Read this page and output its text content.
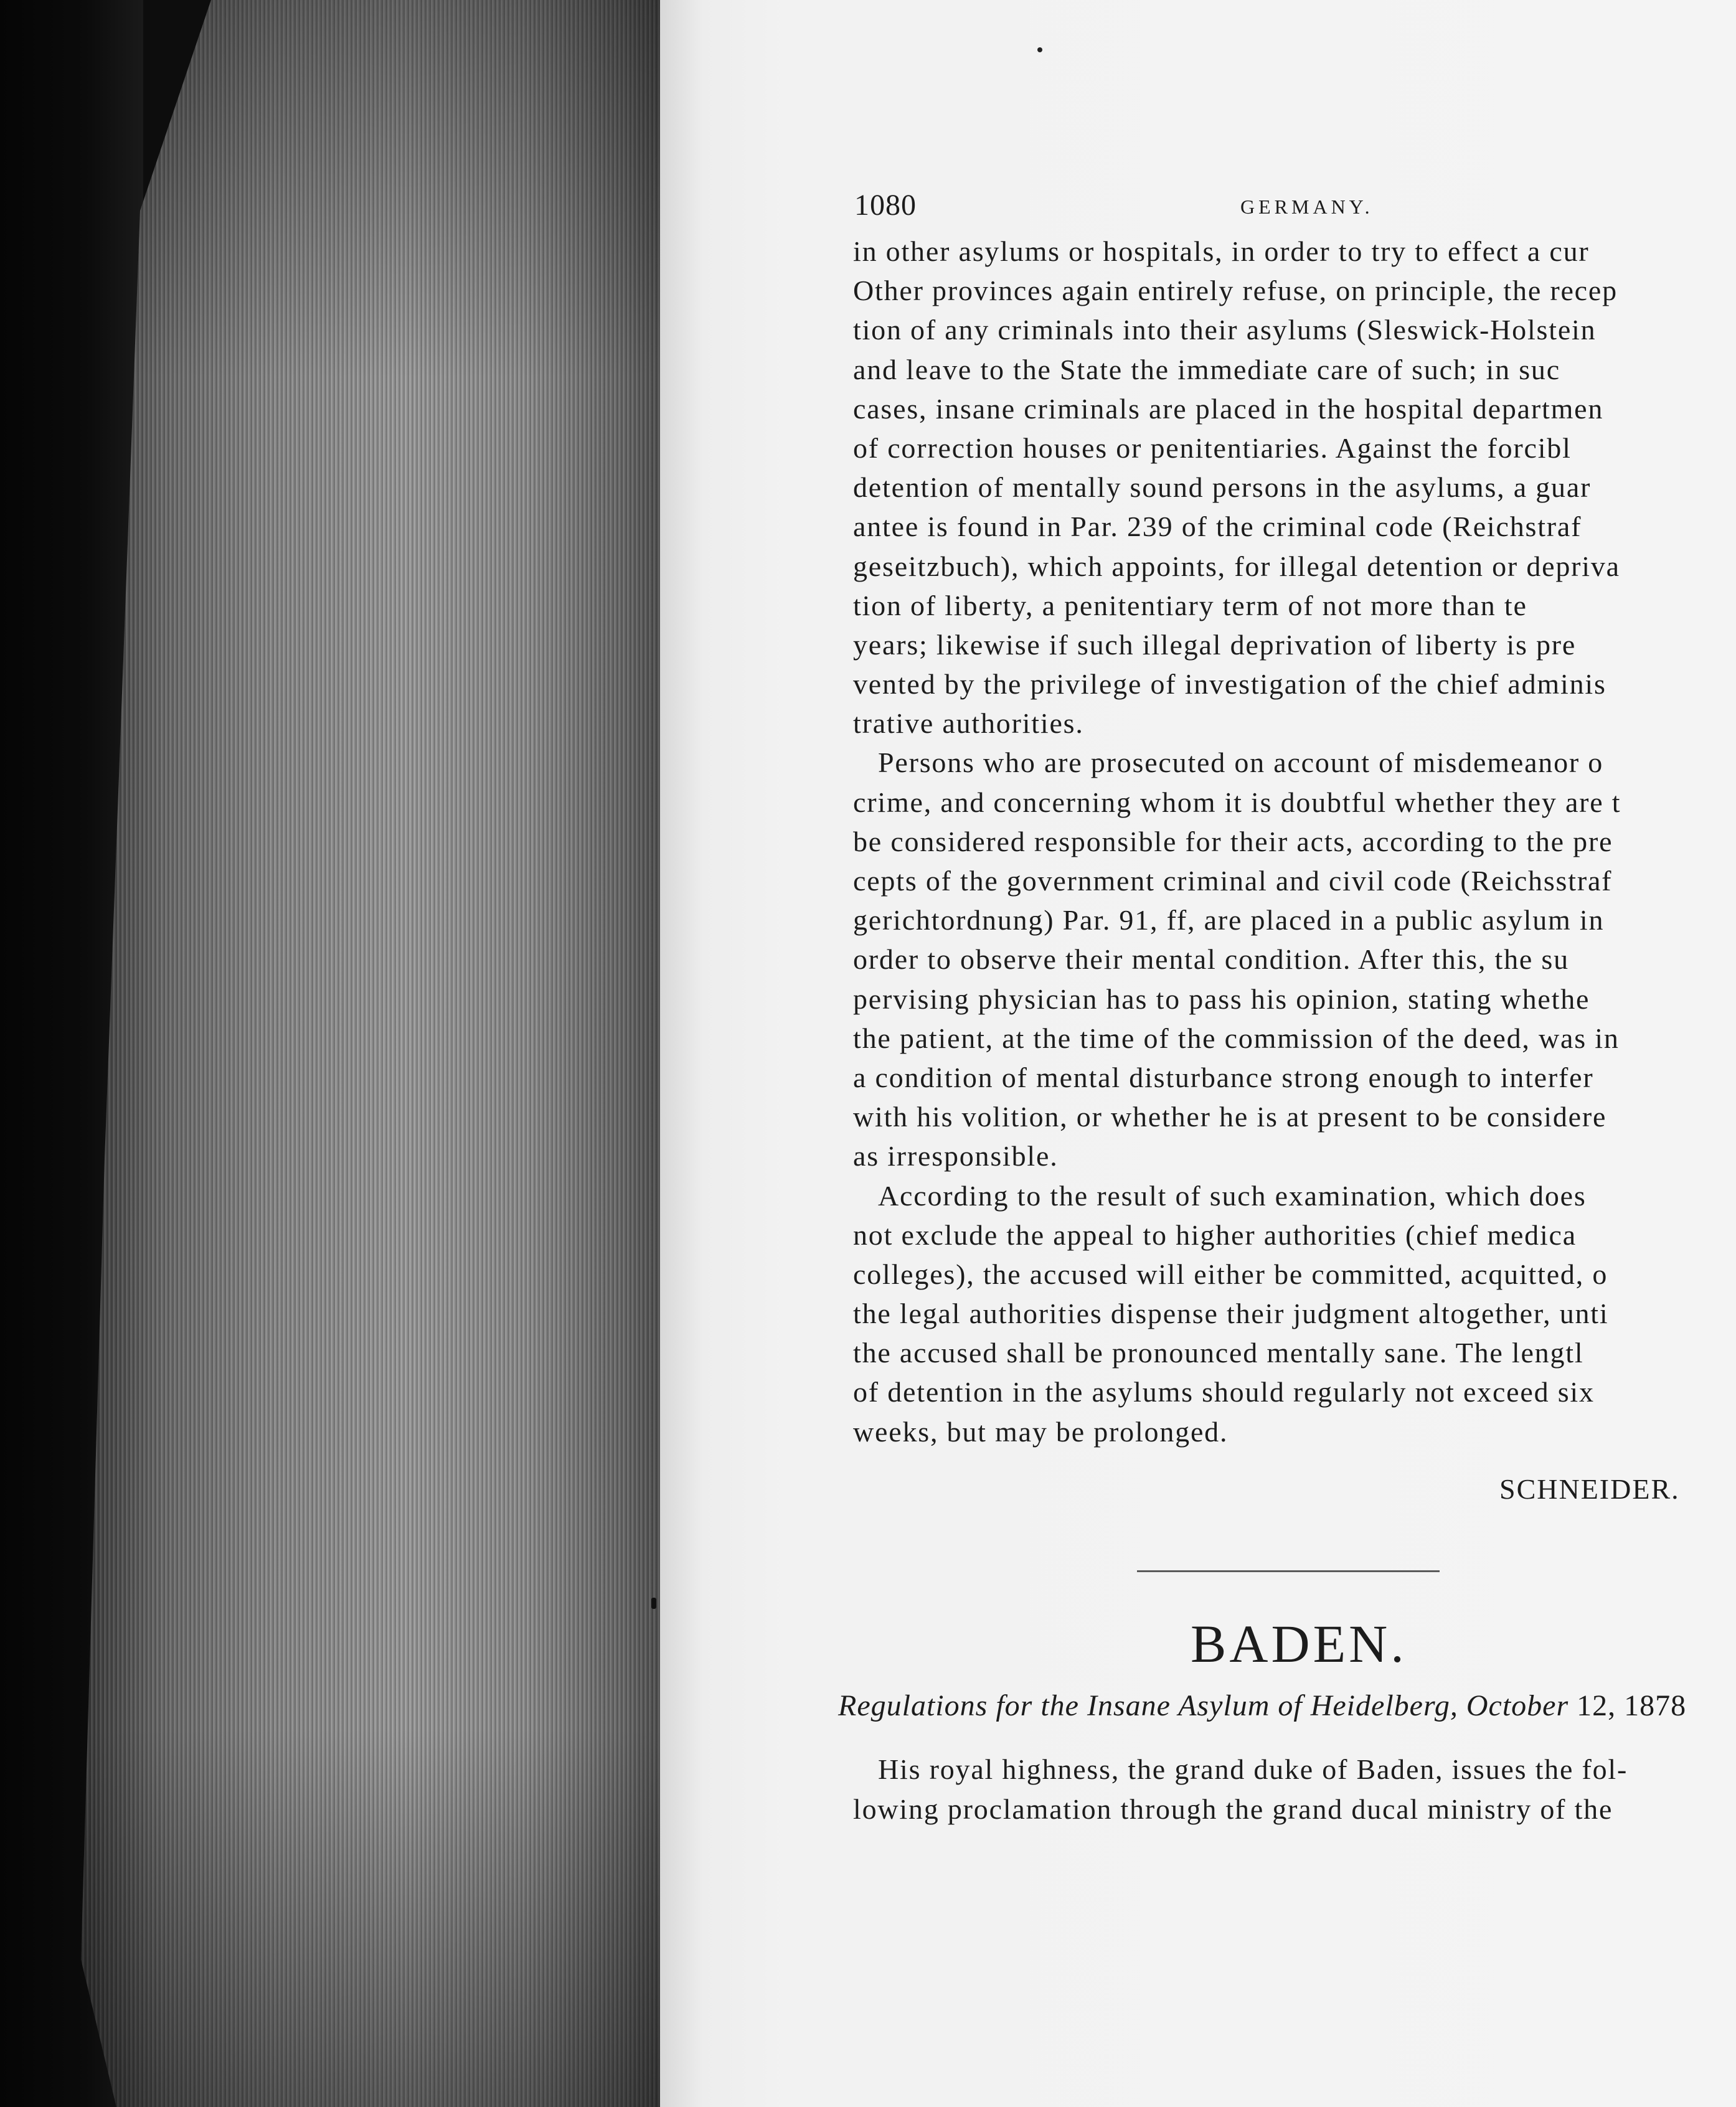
1080	GERMANY.
in other asylums or hospitals, in order to try to effect a cur
Other provinces again entirely refuse, on principle, the recep
tion of any criminals into their asylums (Sleswick-Holstein
and leave to the State the immediate care of such; in suc
cases, insane criminals are placed in the hospital departmen
of correction houses or penitentiaries. Against the forcibl
detention of mentally sound persons in the asylums, a guar
antee is found in Par. 239 of the criminal code (Reichstraf
geseitzbuch), which appoints, for illegal detention or depriva
tion of liberty, a penitentiary term of not more than te
years; likewise if such illegal deprivation of liberty is pre
vented by the privilege of investigation of the chief adminis
trative authorities.
Persons who are prosecuted on account of misdemeanor o
crime, and concerning whom it is doubtful whether they are t
be considered responsible for their acts, according to the pre
cepts of the government criminal and civil code (Reichsstraf
gerichtordnung) Par. 91, ff, are placed in a public asylum in
order to observe their mental condition. After this, the su
pervising physician has to pass his opinion, stating whethe
the patient, at the time of the commission of the deed, was in
a condition of mental disturbance strong enough to interfer
with his volition, or whether he is at present to be considere
as irresponsible.
According to the result of such examination, which does
not exclude the appeal to higher authorities (chief medica
colleges), the accused will either be committed, acquitted, o
the legal authorities dispense their judgment altogether, unti
the accused shall be pronounced mentally sane. The lengtl
of detention in the asylums should regularly not exceed six
weeks, but may be prolonged.
SCHNEIDER.
BADEN.
Regulations for the Insane Asylum of Heidelberg, October 12, 1878
His royal highness, the grand duke of Baden, issues the fol-
lowing proclamation through the grand ducal ministry of the
